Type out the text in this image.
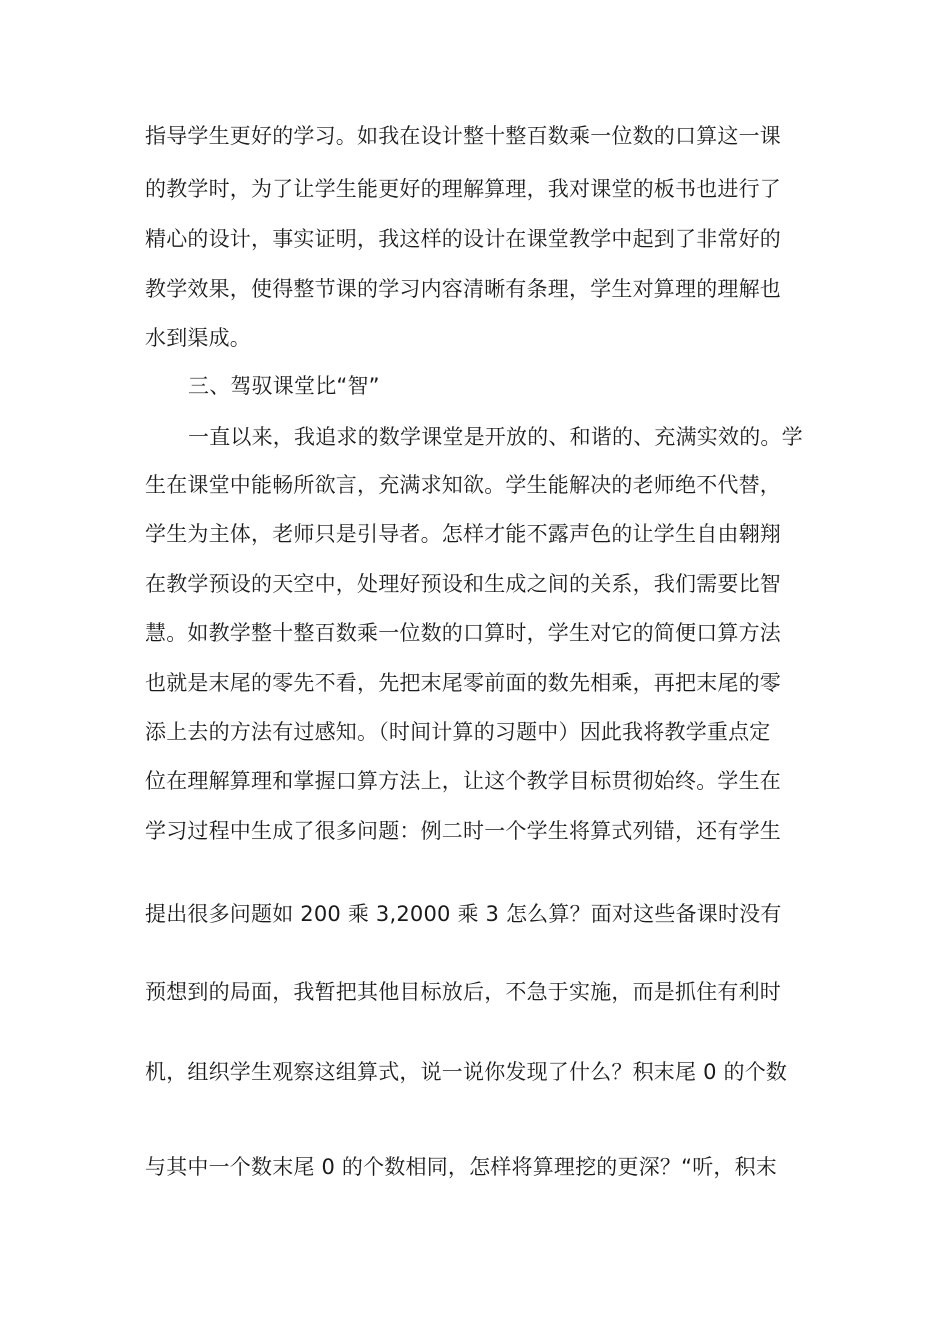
指导学生更好的学习。如我在设计整十整百数乘一位数的口算这一课
的教学时，为了让学生能更好的理解算理，我对课堂的板书也进行了
精心的设计，事实证明，我这样的设计在课堂教学中起到了非常好的
教学效果，使得整节课的学习内容清晰有条理，学生对算理的理解也
水到渠成。
三、驾驭课堂比“智”
一直以来，我追求的数学课堂是开放的、和谐的、充满实效的。学
生在课堂中能畅所欲言，充满求知欲。学生能解决的老师绝不代替，
学生为主体，老师只是引导者。怎样才能不露声色的让学生自由翱翔
在教学预设的天空中，处理好预设和生成之间的关系，我们需要比智
慧。如教学整十整百数乘一位数的口算时，学生对它的简便口算方法
也就是末尾的零先不看，先把末尾零前面的数先相乘，再把末尾的零
添上去的方法有过感知。（时间计算的习题中）因此我将教学重点定
位在理解算理和掌握口算方法上，让这个教学目标贯彻始终。学生在
学习过程中生成了很多问题：例二时一个学生将算式列错，还有学生
提出很多问题如 200 乘 3,2000 乘 3 怎么算？面对这些备课时没有
预想到的局面，我暂把其他目标放后，不急于实施，而是抓住有利时
机，组织学生观察这组算式，说一说你发现了什么？积末尾 0 的个数
与其中一个数末尾 0 的个数相同，怎样将算理挖的更深？“听，积末
